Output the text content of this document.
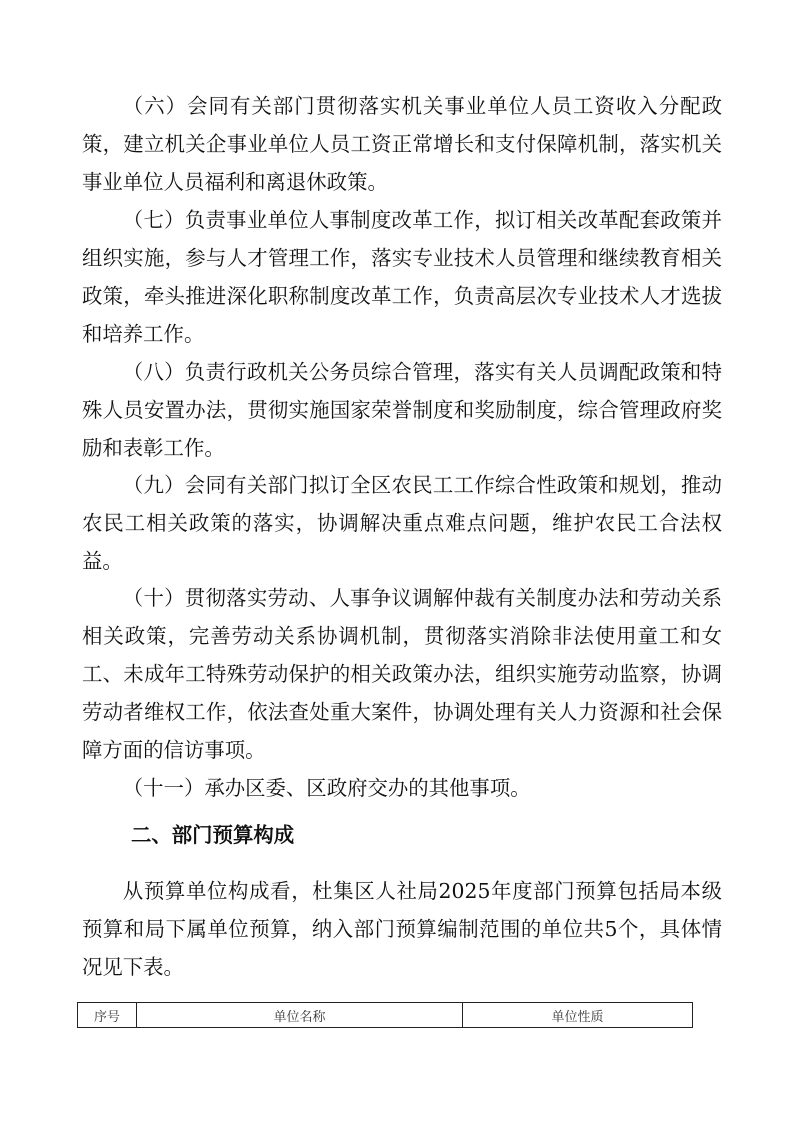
（六）会同有关部门贯彻落实机关事业单位人员工资收入分配政策，建立机关企事业单位人员工资正常增长和支付保障机制，落实机关事业单位人员福利和离退休政策。

（七）负责事业单位人事制度改革工作，拟订相关改革配套政策并组织实施，参与人才管理工作，落实专业技术人员管理和继续教育相关政策，牵头推进深化职称制度改革工作，负责高层次专业技术人才选拔和培养工作。

（八）负责行政机关公务员综合管理，落实有关人员调配政策和特殊人员安置办法，贯彻实施国家荣誉制度和奖励制度，综合管理政府奖励和表彰工作。

（九）会同有关部门拟订全区农民工工作综合性政策和规划，推动农民工相关政策的落实，协调解决重点难点问题，维护农民工合法权益。

（十）贯彻落实劳动、人事争议调解仲裁有关制度办法和劳动关系相关政策，完善劳动关系协调机制，贯彻落实消除非法使用童工和女工、未成年工特殊劳动保护的相关政策办法，组织实施劳动监察，协调劳动者维权工作，依法查处重大案件，协调处理有关人力资源和社会保障方面的信访事项。

（十一）承办区委、区政府交办的其他事项。

二、部门预算构成

从预算单位构成看，杜集区人社局2025年度部门预算包括局本级预算和局下属单位预算，纳入部门预算编制范围的单位共5个，具体情况见下表。

序号	单位名称	单位性质
